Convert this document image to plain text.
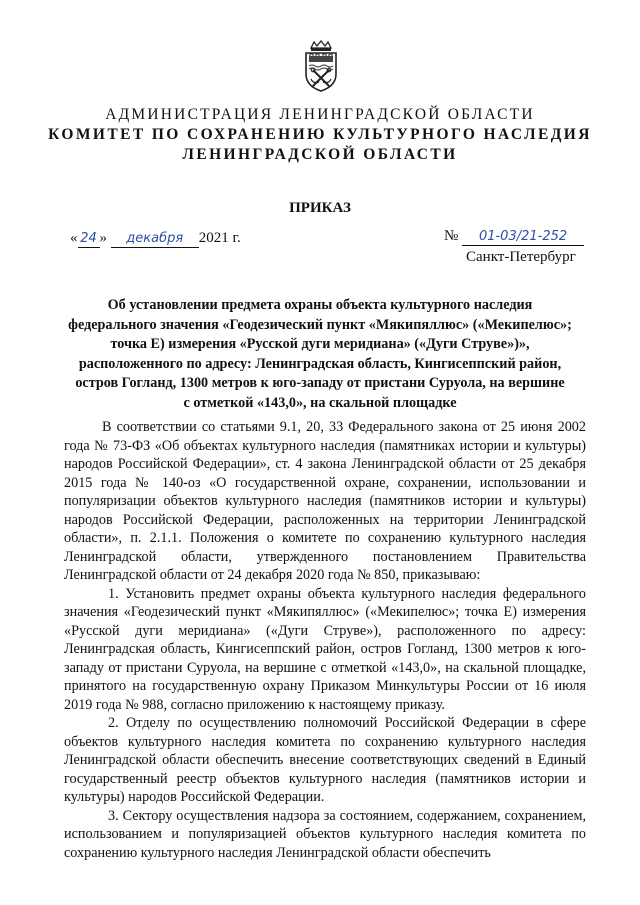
АДМИНИСТРАЦИЯ ЛЕНИНГРАДСКОЙ ОБЛАСТИ
КОМИТЕТ ПО СОХРАНЕНИЮ КУЛЬТУРНОГО НАСЛЕДИЯ
ЛЕНИНГРАДСКОЙ ОБЛАСТИ
ПРИКАЗ
« 24 » декабря 2021 г.	№ 01-03/21-252
Санкт-Петербург
Об установлении предмета охраны объекта культурного наследия
федерального значения «Геодезический пункт «Мякипяллюс» («Мекипелюс»;
точка Е) измерения «Русской дуги меридиана» («Дуги Струве»)»,
расположенного по адресу: Ленинградская область, Кингисеппский район,
остров Гогланд, 1300 метров к юго-западу от пристани Суруола, на вершине
с отметкой «143,0», на скальной площадке

В соответствии со статьями 9.1, 20, 33 Федерального закона от 25 июня 2002 года № 73-ФЗ «Об объектах культурного наследия (памятниках истории и культуры) народов Российской Федерации», ст. 4 закона Ленинградской области от 25 декабря 2015 года № 140-оз «О государственной охране, сохранении, использовании и популяризации объектов культурного наследия (памятников истории и культуры) народов Российской Федерации, расположенных на территории Ленинградской области», п. 2.1.1. Положения о комитете по сохранению культурного наследия Ленинградской области, утвержденного постановлением Правительства Ленинградской области от 24 декабря 2020 года № 850, приказываю:

1. Установить предмет охраны объекта культурного наследия федерального значения «Геодезический пункт «Мякипяллюс» («Мекипелюс»; точка Е) измерения «Русской дуги меридиана» («Дуги Струве»), расположенного по адресу: Ленинградская область, Кингисеппский район, остров Гогланд, 1300 метров к юго-западу от пристани Суруола, на вершине с отметкой «143,0», на скальной площадке, принятого на государственную охрану Приказом Минкультуры России от 16 июля 2019 года № 988, согласно приложению к настоящему приказу.

2. Отделу по осуществлению полномочий Российской Федерации в сфере объектов культурного наследия комитета по сохранению культурного наследия Ленинградской области обеспечить внесение соответствующих сведений в Единый государственный реестр объектов культурного наследия (памятников истории и культуры) народов Российской Федерации.

3. Сектору осуществления надзора за состоянием, содержанием, сохранением, использованием и популяризацией объектов культурного наследия комитета по сохранению культурного наследия Ленинградской области обеспечить
